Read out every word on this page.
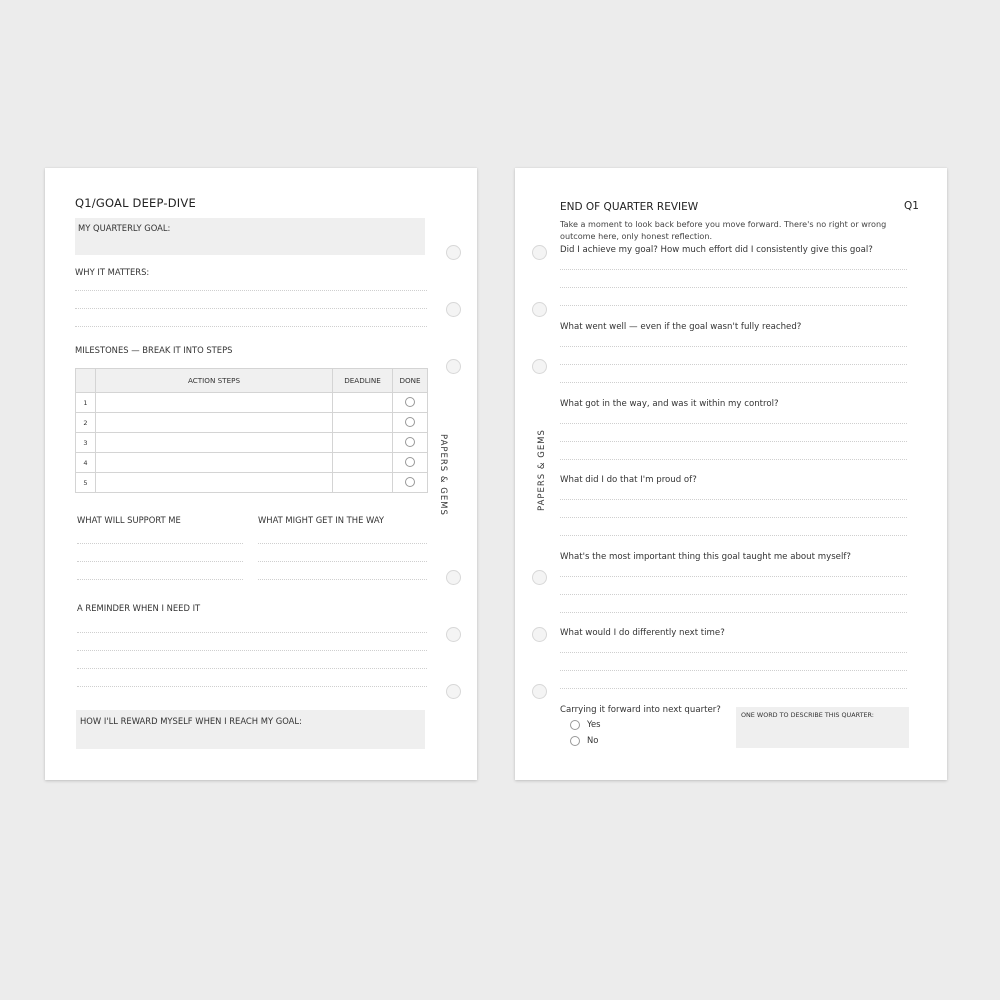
Q1/GOAL DEEP-DIVE
MY QUARTERLY GOAL:
WHY IT MATTERS:
MILESTONES — BREAK IT INTO STEPS
	ACTION STEPS	DEADLINE	DONE
1			
2			
3			
4			
5			
WHAT WILL SUPPORT ME	WHAT MIGHT GET IN THE WAY
A REMINDER WHEN I NEED IT
HOW I'LL REWARD MYSELF WHEN I REACH MY GOAL:
PAPERS & GEMS
END OF QUARTER REVIEW	Q1
Take a moment to look back before you move forward. There's no right or wrong
outcome here, only honest reflection.
Did I achieve my goal? How much effort did I consistently give this goal?
What went well — even if the goal wasn't fully reached?
What got in the way, and was it within my control?
What did I do that I'm proud of?
What's the most important thing this goal taught me about myself?
What would I do differently next time?
Carrying it forward into next quarter?
Yes
No
ONE WORD TO DESCRIBE THIS QUARTER:
PAPERS & GEMS
